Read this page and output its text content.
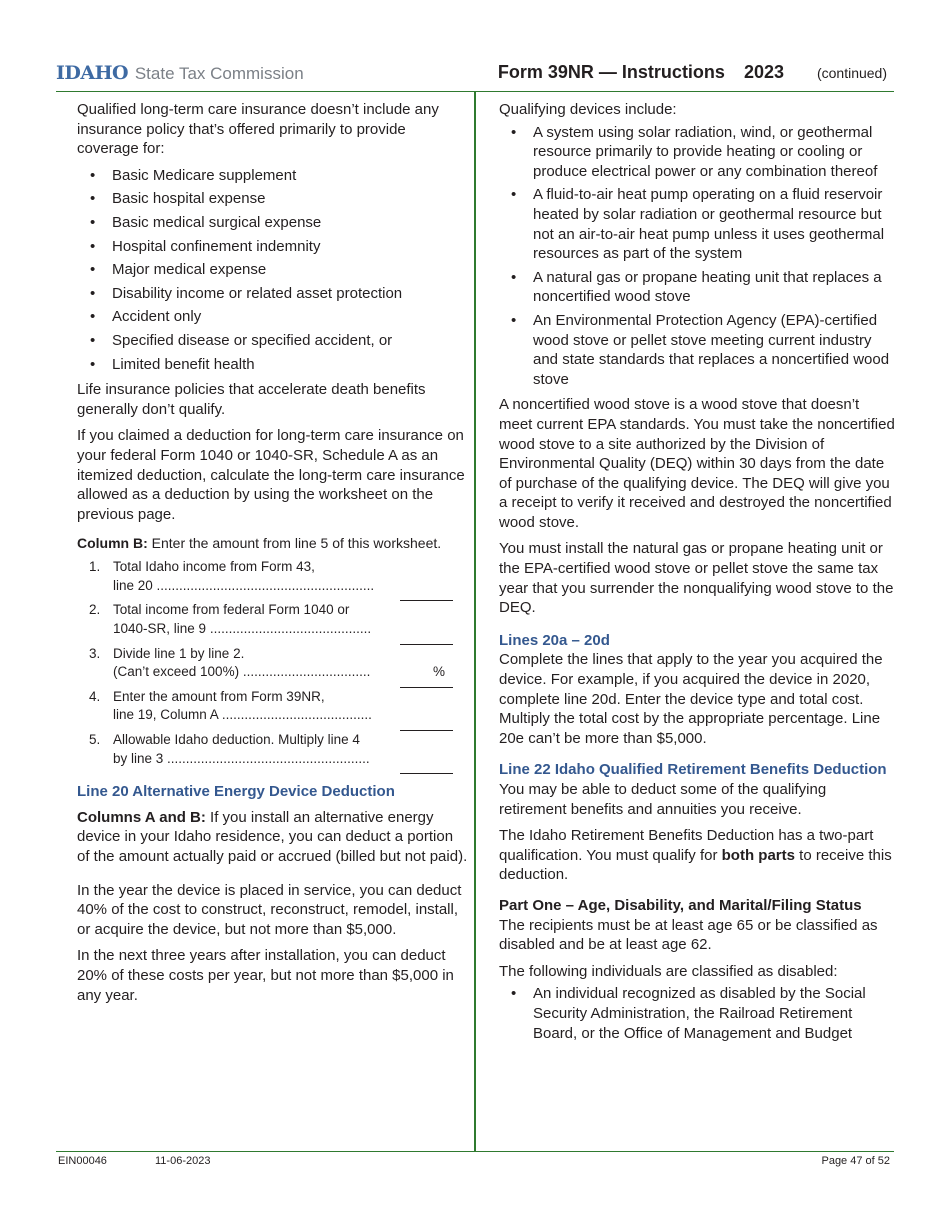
IDAHO State Tax Commission	Form 39NR — Instructions 2023 (continued)

Qualified long-term care insurance doesn’t include any insurance policy that’s offered primarily to provide coverage for:

• Basic Medicare supplement
• Basic hospital expense
• Basic medical surgical expense
• Hospital confinement indemnity
• Major medical expense
• Disability income or related asset protection
• Accident only
• Specified disease or specified accident, or
• Limited benefit health

Life insurance policies that accelerate death benefits generally don’t qualify.

If you claimed a deduction for long-term care insurance on your federal Form 1040 or 1040-SR, Schedule A as an itemized deduction, calculate the long-term care insurance allowed as a deduction by using the worksheet on the previous page.

Column B: Enter the amount from line 5 of this worksheet.

1. Total Idaho income from Form 43,
line 20 ..........................................................
2. Total income from federal Form 1040 or
1040-SR, line 9 ...........................................
3. Divide line 1 by line 2.
(Can’t exceed 100%) ..................................	%
4. Enter the amount from Form 39NR,
line 19, Column A ........................................
5. Allowable Idaho deduction. Multiply line 4
by line 3 ......................................................

Line 20 Alternative Energy Device Deduction

Columns A and B: If you install an alternative energy device in your Idaho residence, you can deduct a portion of the amount actually paid or accrued (billed but not paid).

In the year the device is placed in service, you can deduct 40% of the cost to construct, reconstruct, remodel, install, or acquire the device, but not more than $5,000.

In the next three years after installation, you can deduct 20% of these costs per year, but not more than $5,000 in any year.

Qualifying devices include:

• A system using solar radiation, wind, or geothermal resource primarily to provide heating or cooling or produce electrical power or any combination thereof
• A fluid-to-air heat pump operating on a fluid reservoir heated by solar radiation or geothermal resource but not an air-to-air heat pump unless it uses geothermal resources as part of the system
• A natural gas or propane heating unit that replaces a noncertified wood stove
• An Environmental Protection Agency (EPA)-certified wood stove or pellet stove meeting current industry and state standards that replaces a noncertified wood stove

A noncertified wood stove is a wood stove that doesn’t meet current EPA standards. You must take the noncertified wood stove to a site authorized by the Division of Environmental Quality (DEQ) within 30 days from the date of purchase of the qualifying device. The DEQ will give you a receipt to verify it received and destroyed the noncertified wood stove.

You must install the natural gas or propane heating unit or the EPA-certified wood stove or pellet stove the same tax year that you surrender the nonqualifying wood stove to the DEQ.

Lines 20a – 20d

Complete the lines that apply to the year you acquired the device. For example, if you acquired the device in 2020, complete line 20d. Enter the device type and total cost. Multiply the total cost by the appropriate percentage. Line 20e can’t be more than $5,000.

Line 22 Idaho Qualified Retirement Benefits Deduction

You may be able to deduct some of the qualifying retirement benefits and annuities you receive.

The Idaho Retirement Benefits Deduction has a two-part qualification. You must qualify for both parts to receive this deduction.

Part One – Age, Disability, and Marital/Filing Status

The recipients must be at least age 65 or be classified as disabled and be at least age 62.

The following individuals are classified as disabled:

• An individual recognized as disabled by the Social Security Administration, the Railroad Retirement Board, or the Office of Management and Budget
EIN00046	11-06-2023	Page 47 of 52
